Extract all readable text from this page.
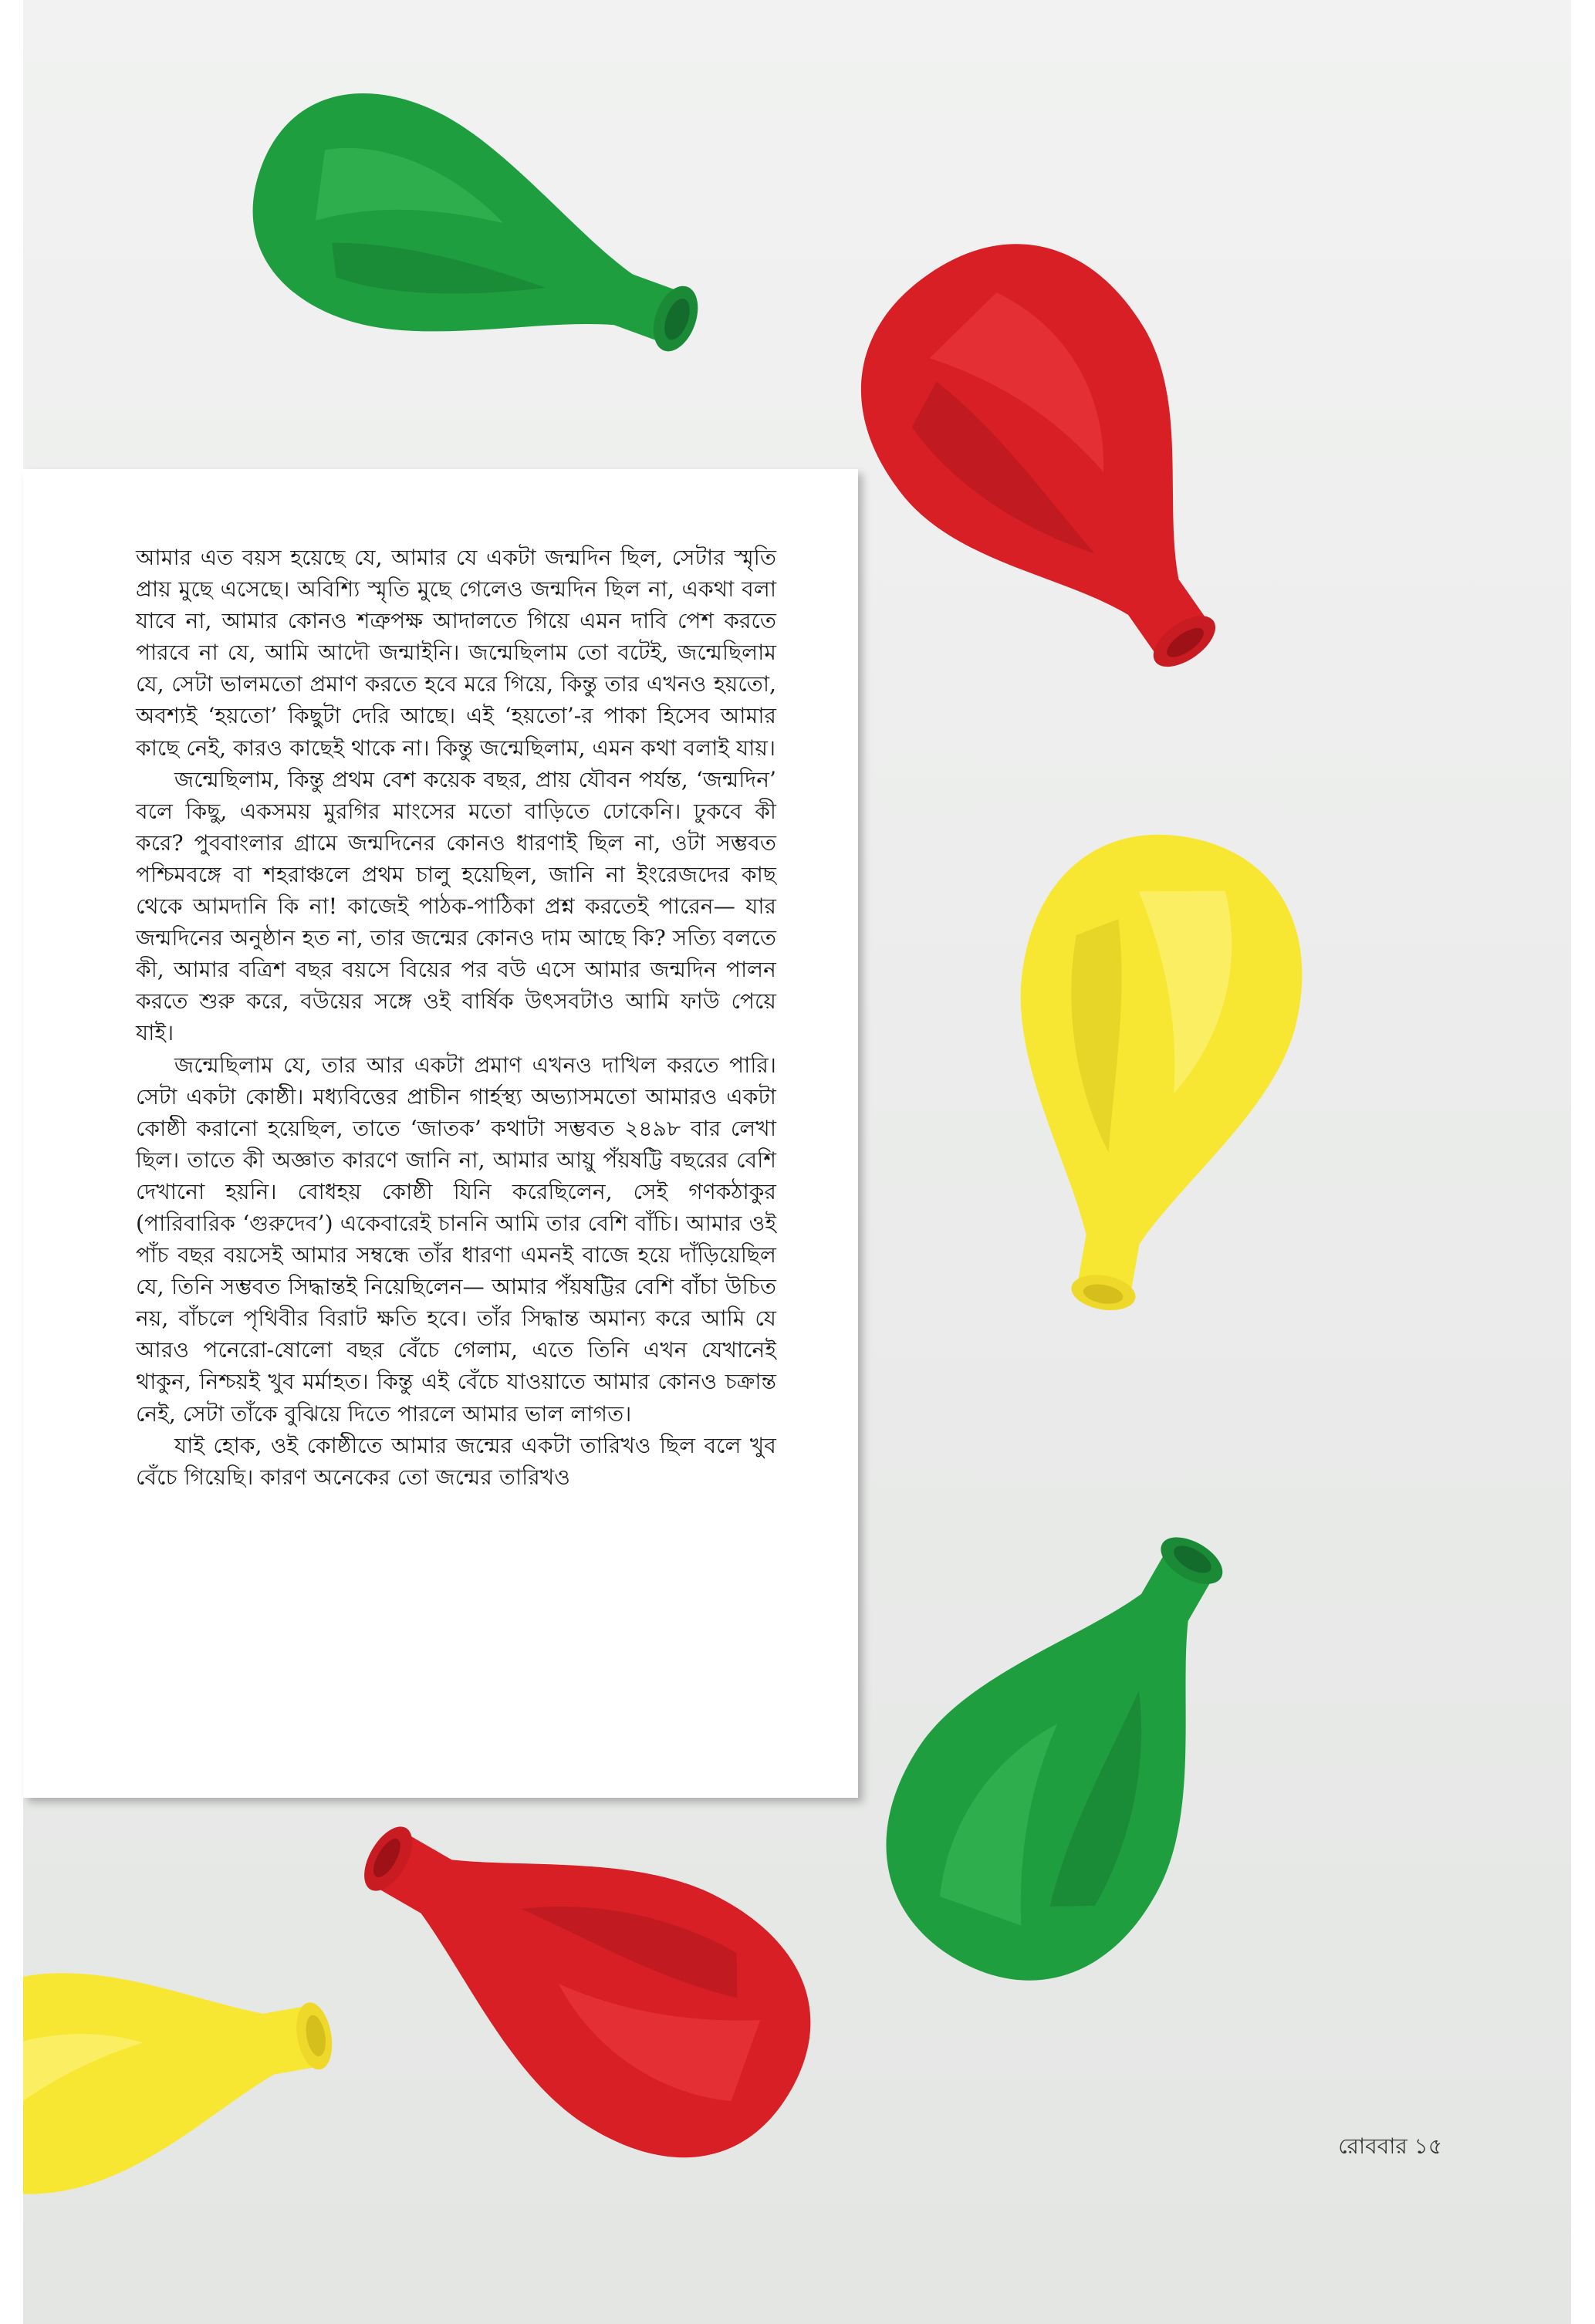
আমার এত বয়স হয়েছে যে, আমার যে একটা জন্মদিন ছিল, সেটার স্মৃতি প্রায় মুছে এসেছে। অবিশ্যি স্মৃতি মুছে গেলেও জন্মদিন ছিল না, একথা বলা যাবে না, আমার কোনও শত্রুপক্ষ আদালতে গিয়ে এমন দাবি পেশ করতে পারবে না যে, আমি আদৌ জন্মাইনি। জন্মেছিলাম তো বটেই, জন্মেছিলাম যে, সেটা ভালমতো প্রমাণ করতে হবে মরে গিয়ে, কিন্তু তার এখনও হয়তো, অবশ্যই ‘হয়তো’ কিছুটা দেরি আছে। এই ‘হয়তো’-র পাকা হিসেব আমার কাছে নেই, কারও কাছেই থাকে না। কিন্তু জন্মেছিলাম, এমন কথা বলাই যায়।

জন্মেছিলাম, কিন্তু প্রথম বেশ কয়েক বছর, প্রায় যৌবন পর্যন্ত, ‘জন্মদিন’ বলে কিছু, একসময় মুরগির মাংসের মতো বাড়িতে ঢোকেনি। ঢুকবে কী করে? পুববাংলার গ্রামে জন্মদিনের কোনও ধারণাই ছিল না, ওটা সম্ভবত পশ্চিমবঙ্গে বা শহরাঞ্চলে প্রথম চালু হয়েছিল, জানি না ইংরেজদের কাছ থেকে আমদানি কি না! কাজেই পাঠক-পাঠিকা প্রশ্ন করতেই পারেন— যার জন্মদিনের অনুষ্ঠান হত না, তার জন্মের কোনও দাম আছে কি? সত্যি বলতে কী, আমার বত্রিশ বছর বয়সে বিয়ের পর বউ এসে আমার জন্মদিন পালন করতে শুরু করে, বউয়ের সঙ্গে ওই বার্ষিক উৎসবটাও আমি ফাউ পেয়ে যাই।

জন্মেছিলাম যে, তার আর একটা প্রমাণ এখনও দাখিল করতে পারি। সেটা একটা কোষ্ঠী। মধ্যবিত্তের প্রাচীন গার্হস্থ্য অভ্যাসমতো আমারও একটা কোষ্ঠী করানো হয়েছিল, তাতে ‘জাতক’ কথাটা সম্ভবত ২৪৯৮ বার লেখা ছিল। তাতে কী অজ্ঞাত কারণে জানি না, আমার আয়ু পঁয়ষট্টি বছরের বেশি দেখানো হয়নি। বোধহয় কোষ্ঠী যিনি করেছিলেন, সেই গণকঠাকুর (পারিবারিক ‘গুরুদেব’) একেবারেই চাননি আমি তার বেশি বাঁচি। আমার ওই পাঁচ বছর বয়সেই আমার সম্বন্ধে তাঁর ধারণা এমনই বাজে হয়ে দাঁড়িয়েছিল যে, তিনি সম্ভবত সিদ্ধান্তই নিয়েছিলেন— আমার পঁয়ষট্টির বেশি বাঁচা উচিত নয়, বাঁচলে পৃথিবীর বিরাট ক্ষতি হবে। তাঁর সিদ্ধান্ত অমান্য করে আমি যে আরও পনেরো-ষোলো বছর বেঁচে গেলাম, এতে তিনি এখন যেখানেই থাকুন, নিশ্চয়ই খুব মর্মাহত। কিন্তু এই বেঁচে যাওয়াতে আমার কোনও চক্রান্ত নেই, সেটা তাঁকে বুঝিয়ে দিতে পারলে আমার ভাল লাগত।

যাই হোক, ওই কোষ্ঠীতে আমার জন্মের একটা তারিখও ছিল বলে খুব বেঁচে গিয়েছি। কারণ অনেকের তো জন্মের তারিখও

রোববার ১৫
